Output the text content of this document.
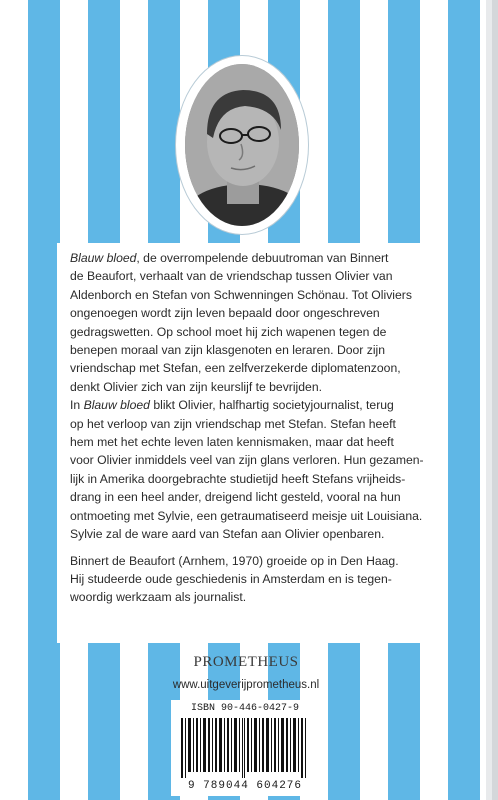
Blauw bloed, de overrompelende debuutroman van Binnert
de Beaufort, verhaalt van de vriendschap tussen Olivier van
Aldenborch en Stefan von Schwenningen Schönau. Tot Oliviers
ongenoegen wordt zijn leven bepaald door ongeschreven
gedragswetten. Op school moet hij zich wapenen tegen de
benepen moraal van zijn klasgenoten en leraren. Door zijn
vriendschap met Stefan, een zelfverzekerde diplomatenzoon,
denkt Olivier zich van zijn keurslijf te bevrijden.

In Blauw bloed blikt Olivier, halfhartig societyjournalist, terug
op het verloop van zijn vriendschap met Stefan. Stefan heeft
hem met het echte leven laten kennismaken, maar dat heeft
voor Olivier inmiddels veel van zijn glans verloren. Hun gezamen-
lijk in Amerika doorgebrachte studietijd heeft Stefans vrijheids-
drang in een heel ander, dreigend licht gesteld, vooral na hun
ontmoeting met Sylvie, een getraumatiseerd meisje uit Louisiana.
Sylvie zal de ware aard van Stefan aan Olivier openbaren.

Binnert de Beaufort (Arnhem, 1970) groeide op in Den Haag.
Hij studeerde oude geschiedenis in Amsterdam en is tegen-
woordig werkzaam als journalist.

PROMETHEUS
www.uitgeverijprometheus.nl
ISBN 90-446-0427-9
9 789044 604276
